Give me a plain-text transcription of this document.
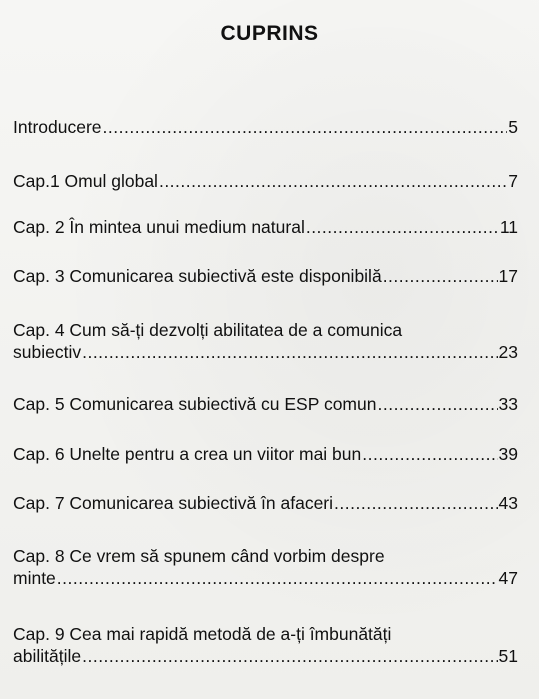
CUPRINS
Introducere .....	5
Cap.1 Omul global .....	7
Cap. 2 În mintea unui medium natural .....	11
Cap. 3 Comunicarea subiectivă este disponibilă .....	17
Cap. 4 Cum să-ți dezvolți abilitatea de a comunica
subiectiv .....	23
Cap. 5 Comunicarea subiectivă cu ESP comun .....	33
Cap. 6 Unelte pentru a crea un viitor mai bun .....	39
Cap. 7 Comunicarea subiectivă în afaceri .....	43
Cap. 8 Ce vrem să spunem când vorbim despre
minte .....	47
Cap. 9 Cea mai rapidă metodă de a-ți îmbunătăți
abilitățile .....	51
